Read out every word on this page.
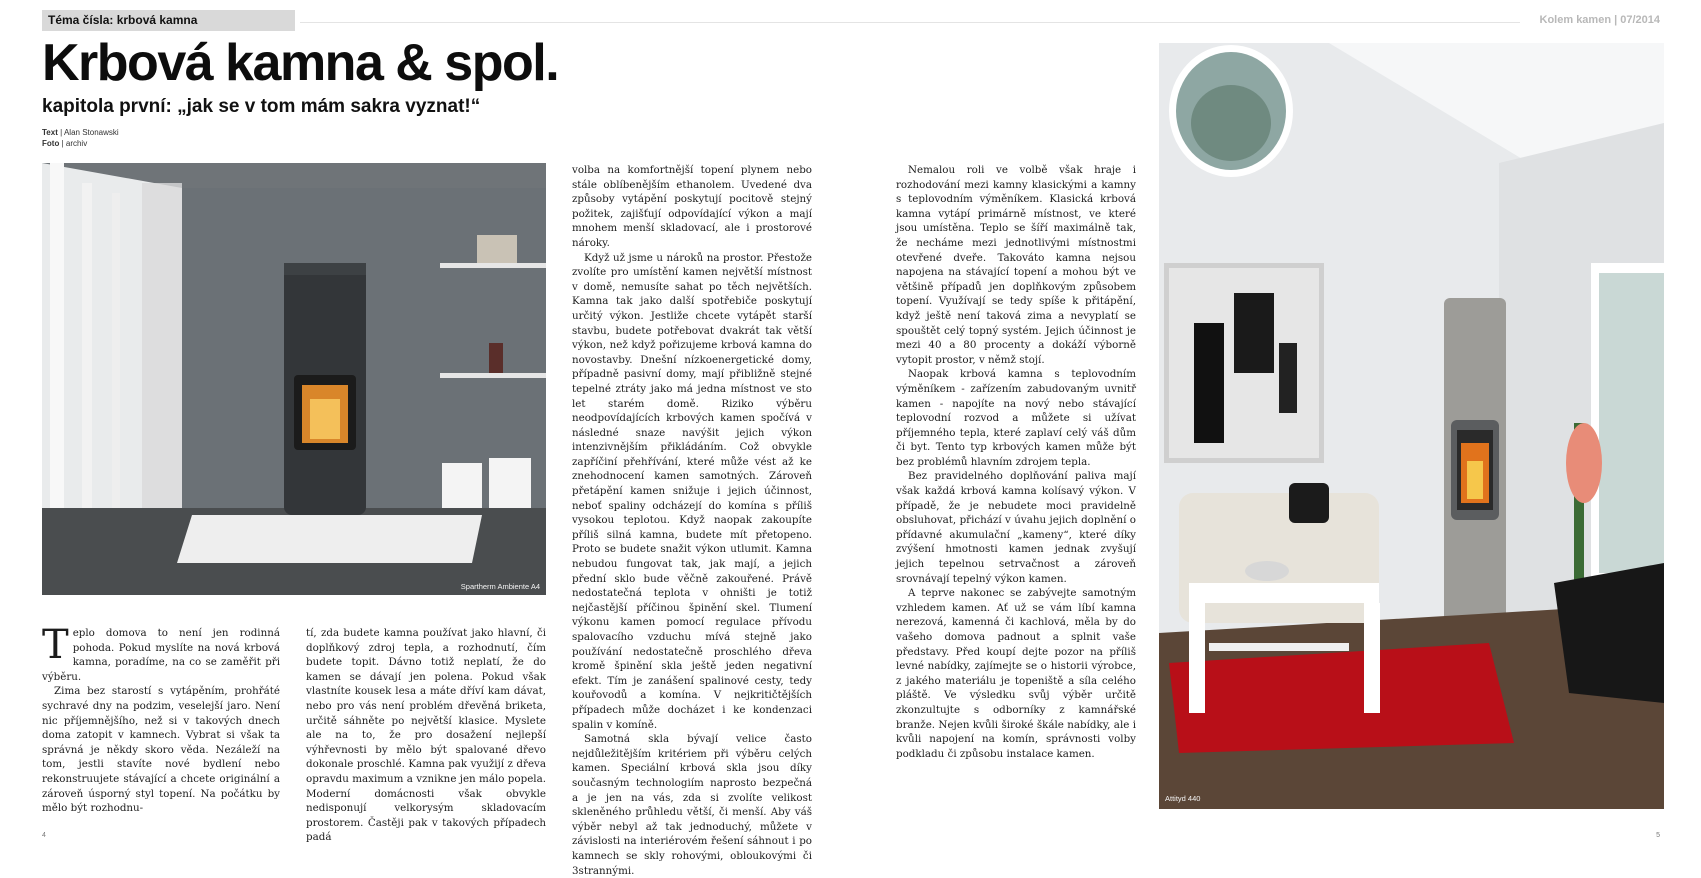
Téma čísla: krbová kamna	Kolem kamen | 07/2014
Krbová kamna & spol.
kapitola první: „jak se v tom mám sakra vyznat!“
Text | Alan Stonawski
Foto | archiv
Spartherm Ambiente A4
Attityd 440

Teplo domova to není jen rodinná pohoda. Pokud myslíte na nová krbová kamna, poradíme, na co se zaměřit při výběru.

Zima bez starostí s vytápěním, prohřáté sychravé dny na podzim, veselejší jaro. Není nic příjemnějšího, než si v takových dnech doma zatopit v kamnech. Vybrat si však ta správná je někdy skoro věda. Nezáleží na tom, jestli stavíte nové bydlení nebo rekonstruujete stávající a chcete originální a zároveň úsporný styl topení. Na počátku by mělo být rozhodnu-

tí, zda budete kamna používat jako hlavní, či doplňkový zdroj tepla, a rozhodnutí, čím budete topit. Dávno totiž neplatí, že do kamen se dávají jen polena. Pokud však vlastníte kousek lesa a máte dříví kam dávat, nebo pro vás není problém dřevěná briketa, určitě sáhněte po největší klasice. Myslete ale na to, že pro dosažení nejlepší výhřevnosti by mělo být spalované dřevo dokonale proschlé. Kamna pak využijí z dřeva opravdu maximum a vznikne jen málo popela. Moderní domácnosti však obvykle nedisponují velkorysým skladovacím prostorem. Častěji pak v takových případech padá

volba na komfortnější topení plynem nebo stále oblíbenějším ethanolem. Uvedené dva způsoby vytápění poskytují pocitově stejný požitek, zajišťují odpovídající výkon a mají mnohem menší skladovací, ale i prostorové nároky.

Když už jsme u nároků na prostor. Přestože zvolíte pro umístění kamen největší místnost v domě, nemusíte sahat po těch největších. Kamna tak jako další spotřebiče poskytují určitý výkon. Jestliže chcete vytápět starší stavbu, budete potřebovat dvakrát tak větší výkon, než když pořizujeme krbová kamna do novostavby. Dnešní nízkoenergetické domy, případně pasivní domy, mají přibližně stejné tepelné ztráty jako má jedna místnost ve sto let starém domě. Riziko výběru neodpovídajících krbových kamen spočívá v následné snaze navýšit jejich výkon intenzivnějším přikládáním. Což obvykle zapříčiní přehřívání, které může vést až ke znehodnocení kamen samotných. Zároveň přetápění kamen snižuje i jejich účinnost, neboť spaliny odcházejí do komína s příliš vysokou teplotou. Když naopak zakoupíte příliš silná kamna, budete mít přetopeno. Proto se budete snažit výkon utlumit. Kamna nebudou fungovat tak, jak mají, a jejich přední sklo bude věčně zakouřené. Právě nedostatečná teplota v ohništi je totiž nejčastější příčinou špinění skel. Tlumení výkonu kamen pomocí regulace přívodu spalovacího vzduchu mívá stejně jako používání nedostatečně proschlého dřeva kromě špinění skla ještě jeden negativní efekt. Tím je zanášení spalinové cesty, tedy kouřovodů a komína. V nejkritičtějších případech může docházet i ke kondenzaci spalin v komíně.

Samotná skla bývají velice často nejdůležitějším kritériem při výběru celých kamen. Speciální krbová skla jsou díky současným technologiím naprosto bezpečná a je jen na vás, zda si zvolíte velikost skleněného průhledu větší, či menší. Aby váš výběr nebyl až tak jednoduchý, můžete v závislosti na interiérovém řešení sáhnout i po kamnech se skly rohovými, obloukovými či 3strannými.

Nemalou roli ve volbě však hraje i rozhodování mezi kamny klasickými a kamny s teplovodním výměníkem. Klasická krbová kamna vytápí primárně místnost, ve které jsou umístěna. Teplo se šíří maximálně tak, že necháme mezi jednotlivými místnostmi otevřené dveře. Takováto kamna nejsou napojena na stávající topení a mohou být ve většině případů jen doplňkovým způsobem topení. Využívají se tedy spíše k přitápění, když ještě není taková zima a nevyplatí se spouštět celý topný systém. Jejich účinnost je mezi 40 a 80 procenty a dokáží výborně vytopit prostor, v němž stojí.

Naopak krbová kamna s teplovodním výměníkem - zařízením zabudovaným uvnitř kamen - napojíte na nový nebo stávající teplovodní rozvod a můžete si užívat příjemného tepla, které zaplaví celý váš dům či byt. Tento typ krbových kamen může být bez problémů hlavním zdrojem tepla.

Bez pravidelného doplňování paliva mají však každá krbová kamna kolísavý výkon. V případě, že je nebudete moci pravidelně obsluhovat, přichází v úvahu jejich doplnění o přídavné akumulační „kameny“, které díky zvýšení hmotnosti kamen jednak zvyšují jejich tepelnou setrvačnost a zároveň srovnávají tepelný výkon kamen.

A teprve nakonec se zabývejte samotným vzhledem kamen. Ať už se vám líbí kamna nerezová, kamenná či kachlová, měla by do vašeho domova padnout a splnit vaše představy. Před koupí dejte pozor na příliš levné nabídky, zajímejte se o historii výrobce, z jakého materiálu je topeniště a síla celého pláště. Ve výsledku svůj výběr určitě zkonzultujte s odborníky z kamnářské branže. Nejen kvůli široké škále nabídky, ale i kvůli napojení na komín, správnosti volby podkladu či způsobu instalace kamen.

4	5
